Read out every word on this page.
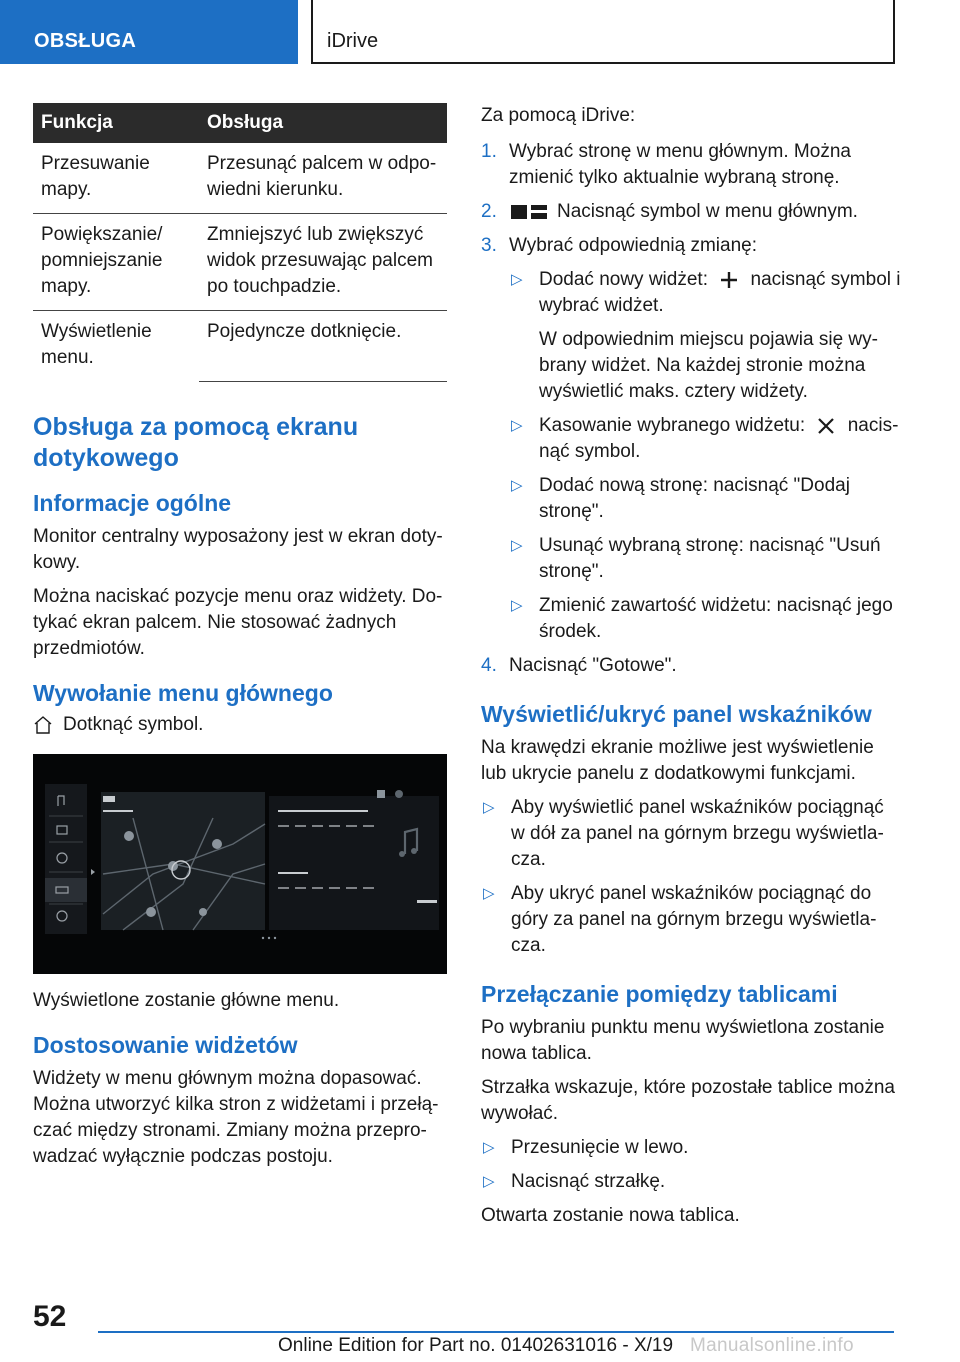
OBSŁUGA	iDrive
Funkcja	Obsługa
Przesuwanie mapy.	Przesunąć palcem w odpo-wiedni kierunku.
Powiększanie/ pomniejszanie mapy.	Zmniejszyć lub zwiększyć widok przesuwając palcem po touchpadzie.
Wyświetlenie menu.	Pojedyncze dotknięcie.
Obsługa za pomocą ekranu dotykowego
Informacje ogólne

Monitor centralny wyposażony jest w ekran doty-kowy.

Można naciskać pozycje menu oraz widżety. Do-tykać ekran palcem. Nie stosować żadnych przedmiotów.

Wywołanie menu głównego
Dotknąć symbol.

Wyświetlone zostanie główne menu.

Dostosowanie widżetów

Widżety w menu głównym można dopasować. Można utworzyć kilka stron z widżetami i przełą-czać między stronami. Zmiany można przepro-wadzać wyłącznie podczas postoju.

Za pomocą iDrive:

1. Wybrać stronę w menu głównym. Można zmienić tylko aktualnie wybraną stronę.
2.	Nacisnąć symbol w menu głównym.
3. Wybrać odpowiednią zmianę:
▷ Dodać nowy widżet: nacisnąć symbol i wybrać widżet.

W odpowiednim miejscu pojawia się wy-brany widżet. Na każdej stronie można wyświetlić maks. cztery widżety.

▷ Kasowanie wybranego widżetu: nacis-nąć symbol.
▷ Dodać nową stronę: nacisnąć "Dodaj stronę".
▷ Usunąć wybraną stronę: nacisnąć "Usuń stronę".
▷ Zmienić zawartość widżetu: nacisnąć jego środek.
4. Nacisnąć "Gotowe".
Wyświetlić/ukryć panel wskaźników

Na krawędzi ekranie możliwe jest wyświetlenie lub ukrycie panelu z dodatkowymi funkcjami.

▷ Aby wyświetlić panel wskaźników pociągnąć w dół za panel na górnym brzegu wyświetla-cza.
▷ Aby ukryć panel wskaźników pociągnąć do góry za panel na górnym brzegu wyświetla-cza.
Przełączanie pomiędzy tablicami

Po wybraniu punktu menu wyświetlona zostanie nowa tablica.

Strzałka wskazuje, które pozostałe tablice można wywołać.

▷ Przesunięcie w lewo.
▷ Nacisnąć strzałkę.

Otwarta zostanie nowa tablica.

52
Online Edition for Part no. 01402631016 - X/19 Manualsonline.info
